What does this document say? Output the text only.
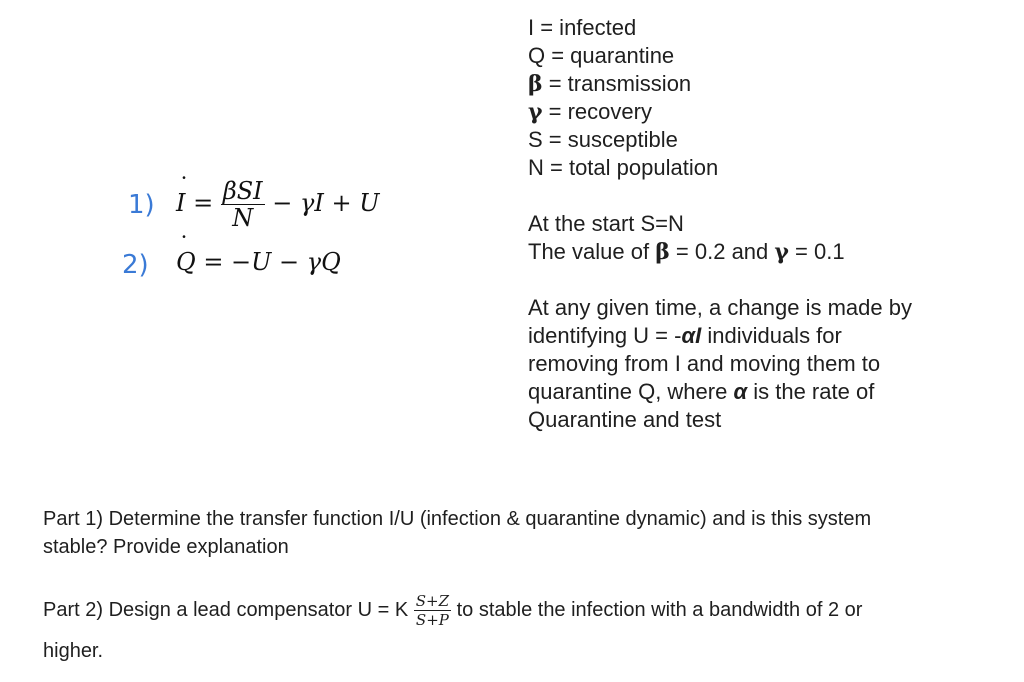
I = infected
Q = quarantine
β = transmission
γ = recovery
S = susceptible
N = total population
At the start S=N
The value of β = 0.2 and γ = 0.1
At any given time, a change is made by
identifying U = -αI individuals for
removing from I and moving them to
quarantine Q, where α is the rate of
Quarantine and test
1) I ˙ = $\frac{\text{βSI}}{N} - \gamma I + U$
2) Q ˙ = −U − γQ
Part 1) Determine the transfer function I/U (infection & quarantine dynamic) and is this system
stable? Provide explanation
Part 2) Design a lead compensator U = K $\frac{S+Z}{S+P}$ to stable the infection with a bandwidth of 2 or
higher.
